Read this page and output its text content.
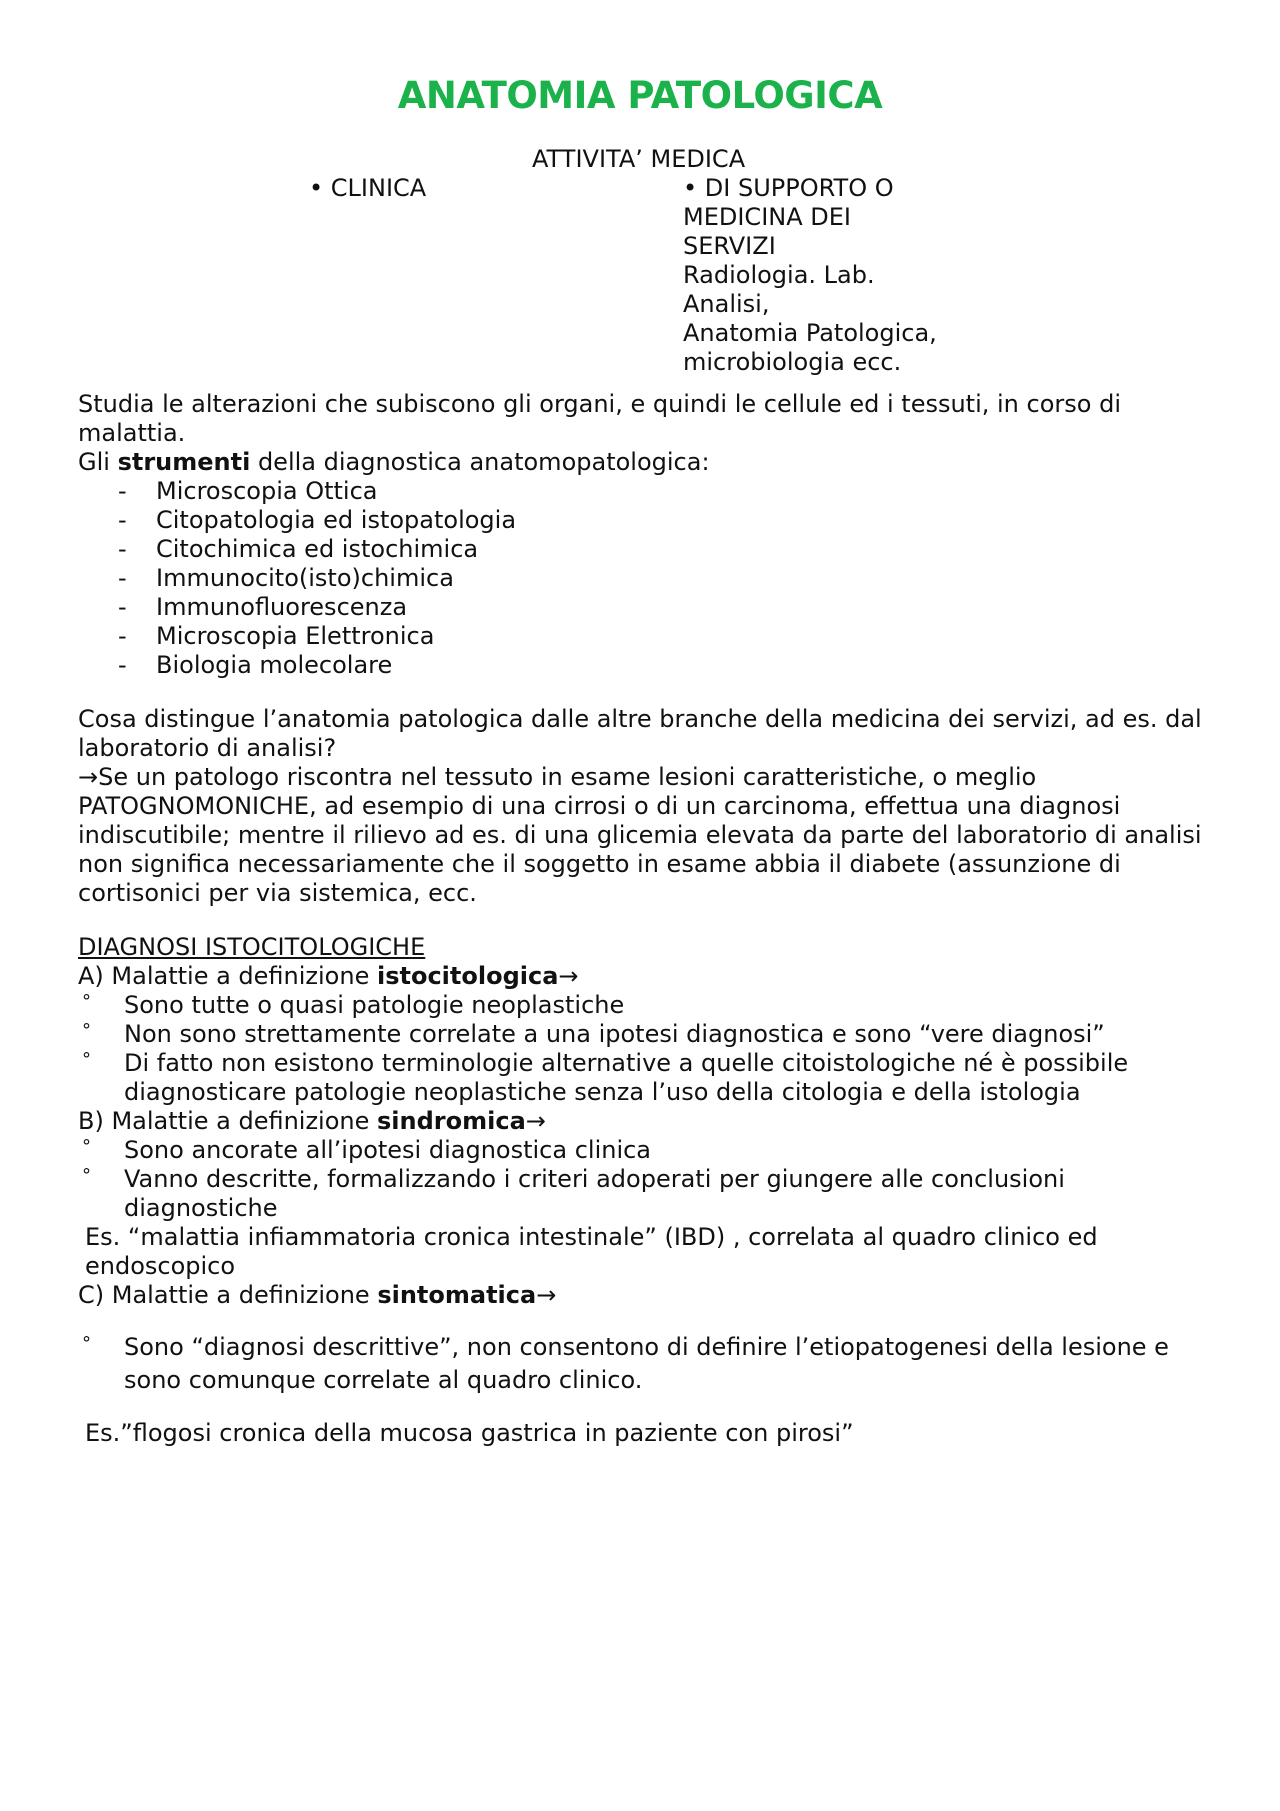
ANATOMIA PATOLOGICA
ATTIVITA’ MEDICA
• CLINICA	• DI SUPPORTO O
MEDICINA DEI
SERVIZI
Radiologia. Lab.
Analisi,
Anatomia Patologica,
microbiologia ecc.

Studia le alterazioni che subiscono gli organi, e quindi le cellule ed i tessuti, in corso di

malattia.

Gli strumenti della diagnostica anatomopatologica:

- Microscopia Ottica
- Citopatologia ed istopatologia
- Citochimica ed istochimica
- Immunocito(isto)chimica
- Immunofluorescenza
- Microscopia Elettronica
- Biologia molecolare

Cosa distingue l’anatomia patologica dalle altre branche della medicina dei servizi, ad es. dal

laboratorio di analisi?

→Se un patologo riscontra nel tessuto in esame lesioni caratteristiche, o meglio

PATOGNOMONICHE, ad esempio di una cirrosi o di un carcinoma, effettua una diagnosi

indiscutibile; mentre il rilievo ad es. di una glicemia elevata da parte del laboratorio di analisi

non significa necessariamente che il soggetto in esame abbia il diabete (assunzione di

cortisonici per via sistemica, ecc.

DIAGNOSI ISTOCITOLOGICHE

A) Malattie a definizione istocitologica→

° Sono tutte o quasi patologie neoplastiche
° Non sono strettamente correlate a una ipotesi diagnostica e sono “vere diagnosi”
° Di fatto non esistono terminologie alternative a quelle citoistologiche né è possibile
diagnosticare patologie neoplastiche senza l’uso della citologia e della istologia

B) Malattie a definizione sindromica→

° Sono ancorate all’ipotesi diagnostica clinica
° Vanno descritte, formalizzando i criteri adoperati per giungere alle conclusioni
diagnostiche

Es. “malattia infiammatoria cronica intestinale” (IBD) , correlata al quadro clinico ed

endoscopico

C) Malattie a definizione sintomatica→

° Sono “diagnosi descrittive”, non consentono di definire l’etiopatogenesi della lesione e
sono comunque correlate al quadro clinico.

Es.”flogosi cronica della mucosa gastrica in paziente con pirosi”
